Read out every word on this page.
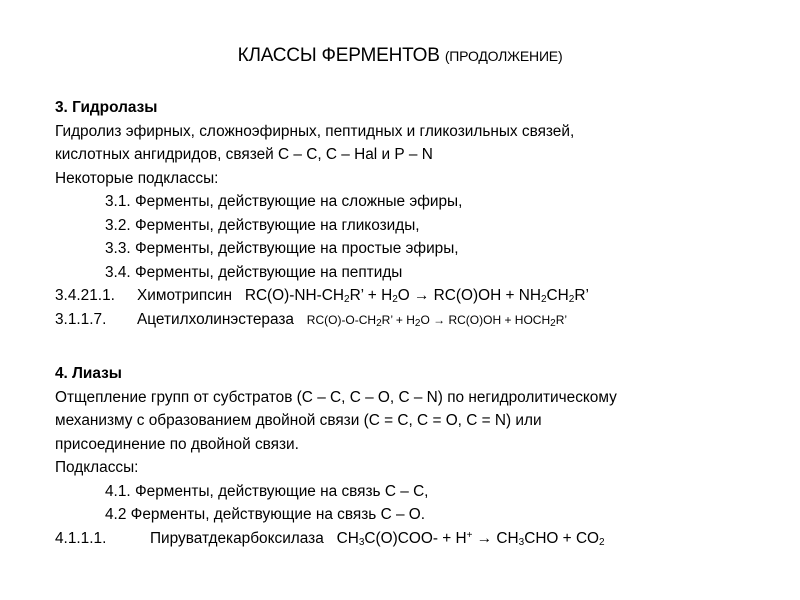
КЛАССЫ ФЕРМЕНТОВ (ПРОДОЛЖЕНИЕ)
3. Гидролазы
Гидролиз эфирных, сложноэфирных, пептидных и гликозильных связей,
кислотных ангидридов, связей С – С, С – Hal и Р – N
Некоторые подклассы:
3.1. Ферменты, действующие на сложные эфиры,
3.2. Ферменты, действующие на гликозиды,
3.3. Ферменты, действующие на простые эфиры,
3.4. Ферменты, действующие на пептиды
3.4.21.1. Химотрипсин $RC(O)-NH-CH_2R$’ + $H_2O \to RC(O)OH + NH_2CH_2R$’
3.1.1.7. Ацетилхолинэстераза $RC(O)-O-CH_2R$’ + $H_2O \to RC(O)OH$ + $HOCH_2R$’
4. Лиазы
Отщепление групп от субстратов (С – С, С – О, С – N) по негидролитическому
механизму с образованием двойной связи (С = С, С = О, С = N) или
присоединение по двойной связи.
Подклассы:
4.1. Ферменты, действующие на связь С – С,
4.2 Ферменты, действующие на связь С – О.
4.1.1.1.	Пируватдекарбоксилаза $CH_3C(O)COO- + H^+ \to CH_3CHO + CO_2$
